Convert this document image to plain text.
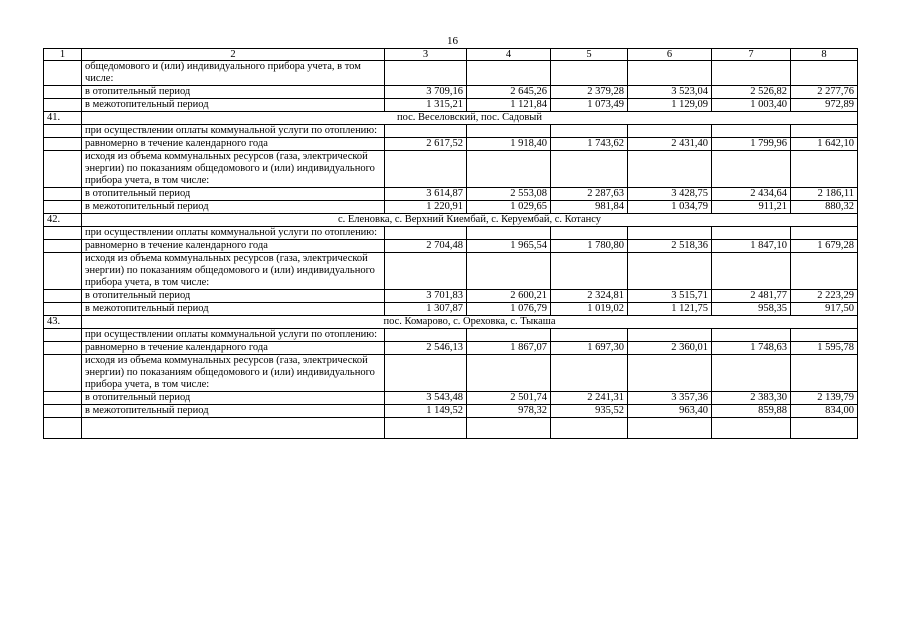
16
1	2	3	4	5	6	7	8
	общедомового и (или) индивидуального прибора учета, в том числе:						
	в отопительный период	3 709,16	2 645,26	2 379,28	3 523,04	2 526,82	2 277,76
	в межотопительный период	1 315,21	1 121,84	1 073,49	1 129,09	1 003,40	972,89
41.	пос. Веселовский, пос. Садовый						
	при осуществлении оплаты коммунальной услуги по отоплению:						
	равномерно в течение календарного года	2 617,52	1 918,40	1 743,62	2 431,40	1 799,96	1 642,10
	исходя из объема коммунальных ресурсов (газа, электрической энергии) по показаниям общедомового и (или) индивидуального прибора учета, в том числе:						
	в отопительный период	3 614,87	2 553,08	2 287,63	3 428,75	2 434,64	2 186,11
	в межотопительный период	1 220,91	1 029,65	981,84	1 034,79	911,21	880,32
42.	с. Еленовка, с. Верхний Киембай, с. Керуембай, с. Котансу						
	при осуществлении оплаты коммунальной услуги по отоплению:						
	равномерно в течение календарного года	2 704,48	1 965,54	1 780,80	2 518,36	1 847,10	1 679,28
	исходя из объема коммунальных ресурсов (газа, электрической энергии) по показаниям общедомового и (или) индивидуального прибора учета, в том числе:						
	в отопительный период	3 701,83	2 600,21	2 324,81	3 515,71	2 481,77	2 223,29
	в межотопительный период	1 307,87	1 076,79	1 019,02	1 121,75	958,35	917,50
43.	пос. Комарово, с. Ореховка, с. Тыкаша						
	при осуществлении оплаты коммунальной услуги по отоплению:						
	равномерно в течение календарного года	2 546,13	1 867,07	1 697,30	2 360,01	1 748,63	1 595,78
	исходя из объема коммунальных ресурсов (газа, электрической энергии) по показаниям общедомового и (или) индивидуального прибора учета, в том числе:						
	в отопительный период	3 543,48	2 501,74	2 241,31	3 357,36	2 383,30	2 139,79
	в межотопительный период	1 149,52	978,32	935,52	963,40	859,88	834,00
